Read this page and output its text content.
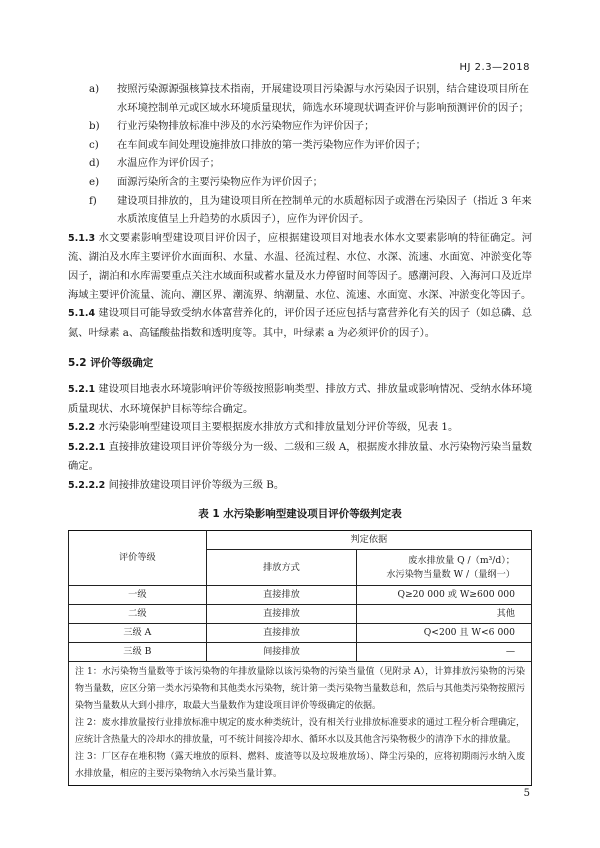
HJ 2.3—2018
a)	按照污染源源强核算技术指南，开展建设项目污染源与水污染因子识别，结合建设项目所在水环境控制单元或区域水环境质量现状，筛选水环境现状调查评价与影响预测评价的因子；
b)	行业污染物排放标准中涉及的水污染物应作为评价因子；
c)	在车间或车间处理设施排放口排放的第一类污染物应作为评价因子；
d)	水温应作为评价因子；
e)	面源污染所含的主要污染物应作为评价因子；
f)	建设项目排放的，且为建设项目所在控制单元的水质超标因子或潜在污染因子（指近 3 年来水质浓度值呈上升趋势的水质因子），应作为评价因子。

5.1.3 水文要素影响型建设项目评价因子，应根据建设项目对地表水体水文要素影响的特征确定。河流、湖泊及水库主要评价水面面积、水量、水温、径流过程、水位、水深、流速、水面宽、冲淤变化等因子，湖泊和水库需要重点关注水域面积或蓄水量及水力停留时间等因子。感潮河段、入海河口及近岸海域主要评价流量、流向、潮区界、潮流界、纳潮量、水位、流速、水面宽、水深、冲淤变化等因子。

5.1.4 建设项目可能导致受纳水体富营养化的，评价因子还应包括与富营养化有关的因子（如总磷、总氮、叶绿素 a、高锰酸盐指数和透明度等。其中，叶绿素 a 为必须评价的因子）。

5.2 评价等级确定

5.2.1 建设项目地表水环境影响评价等级按照影响类型、排放方式、排放量或影响情况、受纳水体环境质量现状、水环境保护目标等综合确定。

5.2.2 水污染影响型建设项目主要根据废水排放方式和排放量划分评价等级，见表 1。

5.2.2.1 直接排放建设项目评价等级分为一级、二级和三级 A，根据废水排放量、水污染物污染当量数确定。

5.2.2.2 间接排放建设项目评价等级为三级 B。

表 1 水污染影响型建设项目评价等级判定表

评价等级	判定依据	
	排放方式	废水排放量 Q /（m³/d）；
水污染物当量数 W /（量纲一）

一级	直接排放	Q≥20 000 或 W≥600 000
二级	直接排放	其他
三级 A	直接排放	Q<200 且 W<6 000
三级 B	间接排放	—

注 1：水污染物当量数等于该污染物的年排放量除以该污染物的污染当量值（见附录 A），计算排放污染物的污染物当量数，应区分第一类水污染物和其他类水污染物，统计第一类污染物当量数总和，然后与其他类污染物按照污染物当量数从大到小排序，取最大当量数作为建设项目评价等级确定的依据。
注 2：废水排放量按行业排放标准中规定的废水种类统计，没有相关行业排放标准要求的通过工程分析合理确定，应统计含热量大的冷却水的排放量，可不统计间接冷却水、循环水以及其他含污染物极少的清净下水的排放量。
注 3：厂区存在堆积物（露天堆放的原料、燃料、废渣等以及垃圾堆放场）、降尘污染的，应将初期雨污水纳入废水排放量，相应的主要污染物纳入水污染当量计算。		
5
